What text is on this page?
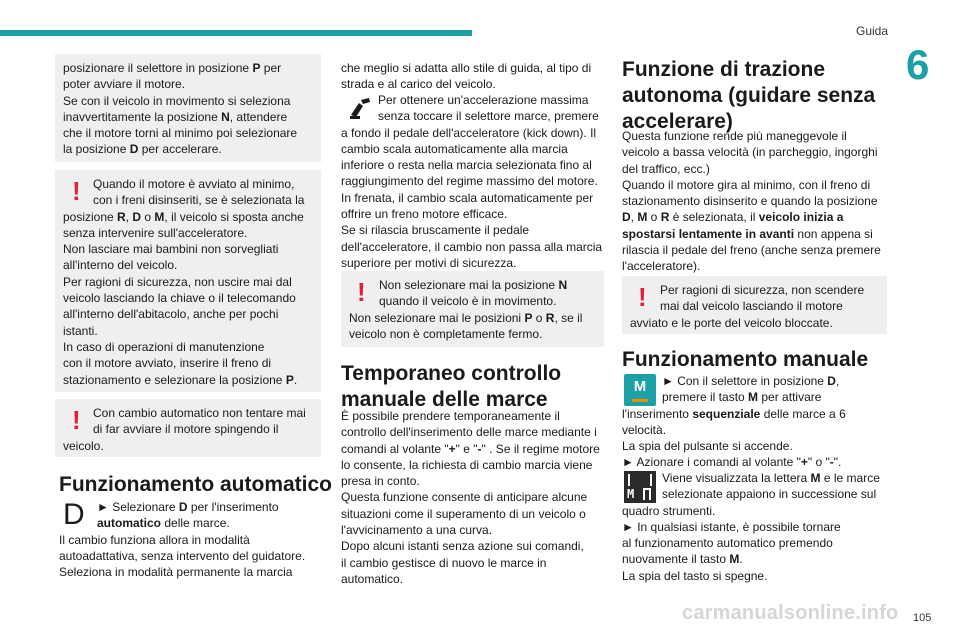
Guida
6
posizionare il selettore in posizione P per
poter avviare il motore.
Se con il veicolo in movimento si seleziona
inavvertitamente la posizione N, attendere
che il motore torni al minimo poi selezionare
la posizione D per accelerare.
!	Quando il motore è avviato al minimo,
con i freni disinseriti, se è selezionata la
posizione R, D o M, il veicolo si sposta anche
senza intervenire sull'acceleratore.
Non lasciare mai bambini non sorvegliati
all'interno del veicolo.
Per ragioni di sicurezza, non uscire mai dal
veicolo lasciando la chiave o il telecomando
all'interno dell'abitacolo, anche per pochi
istanti.
In caso di operazioni di manutenzione
con il motore avviato, inserire il freno di
stazionamento e selezionare la posizione P.
!	Con cambio automatico non tentare mai
di far avviare il motore spingendo il
veicolo.
Funzionamento automatico
D	► Selezionare D per l'inserimento
automatico delle marce.
Il cambio funziona allora in modalità
autoadattativa, senza intervento del guidatore.
Seleziona in modalità permanente la marcia
che meglio si adatta allo stile di guida, al tipo di
strada e al carico del veicolo.
Per ottenere un'accelerazione massima
senza toccare il selettore marce, premere
a fondo il pedale dell'acceleratore (kick down). Il
cambio scala automaticamente alla marcia
inferiore o resta nella marcia selezionata fino al
raggiungimento del regime massimo del motore.
In frenata, il cambio scala automaticamente per
offrire un freno motore efficace.
Se si rilascia bruscamente il pedale
dell'acceleratore, il cambio non passa alla marcia
superiore per motivi di sicurezza.
!	Non selezionare mai la posizione N
quando il veicolo è in movimento.
Non selezionare mai le posizioni P o R, se il
veicolo non è completamente fermo.
Temporaneo controllo
manuale delle marce
È possibile prendere temporaneamente il
controllo dell'inserimento delle marce mediante i
comandi al volante "+" e "-" . Se il regime motore
lo consente, la richiesta di cambio marcia viene
presa in conto.
Questa funzione consente di anticipare alcune
situazioni come il superamento di un veicolo o
l'avvicinamento a una curva.
Dopo alcuni istanti senza azione sui comandi,
il cambio gestisce di nuovo le marce in
automatico.
Funzione di trazione
autonoma (guidare senza
accelerare)
Questa funzione rende più maneggevole il
veicolo a bassa velocità (in parcheggio, ingorghi
del traffico, ecc.)
Quando il motore gira al minimo, con il freno di
stazionamento disinserito e quando la posizione
D, M o R è selezionata, il veicolo inizia a
spostarsi lentamente in avanti non appena si
rilascia il pedale del freno (anche senza premere
l'acceleratore).
!	Per ragioni di sicurezza, non scendere
mai dal veicolo lasciando il motore
avviato e le porte del veicolo bloccate.
Funzionamento manuale
M	► Con il selettore in posizione D,
premere il tasto M per attivare
l'inserimento sequenziale delle marce a 6
velocità.
La spia del pulsante si accende.
► Azionare i comandi al volante "+" o "-".
M
Viene visualizzata la lettera M e le marce
selezionate appaiono in successione sul
quadro strumenti.
► In qualsiasi istante, è possibile tornare
al funzionamento automatico premendo
nuovamente il tasto M.
La spia del tasto si spegne.
carmanualsonline.info 105
